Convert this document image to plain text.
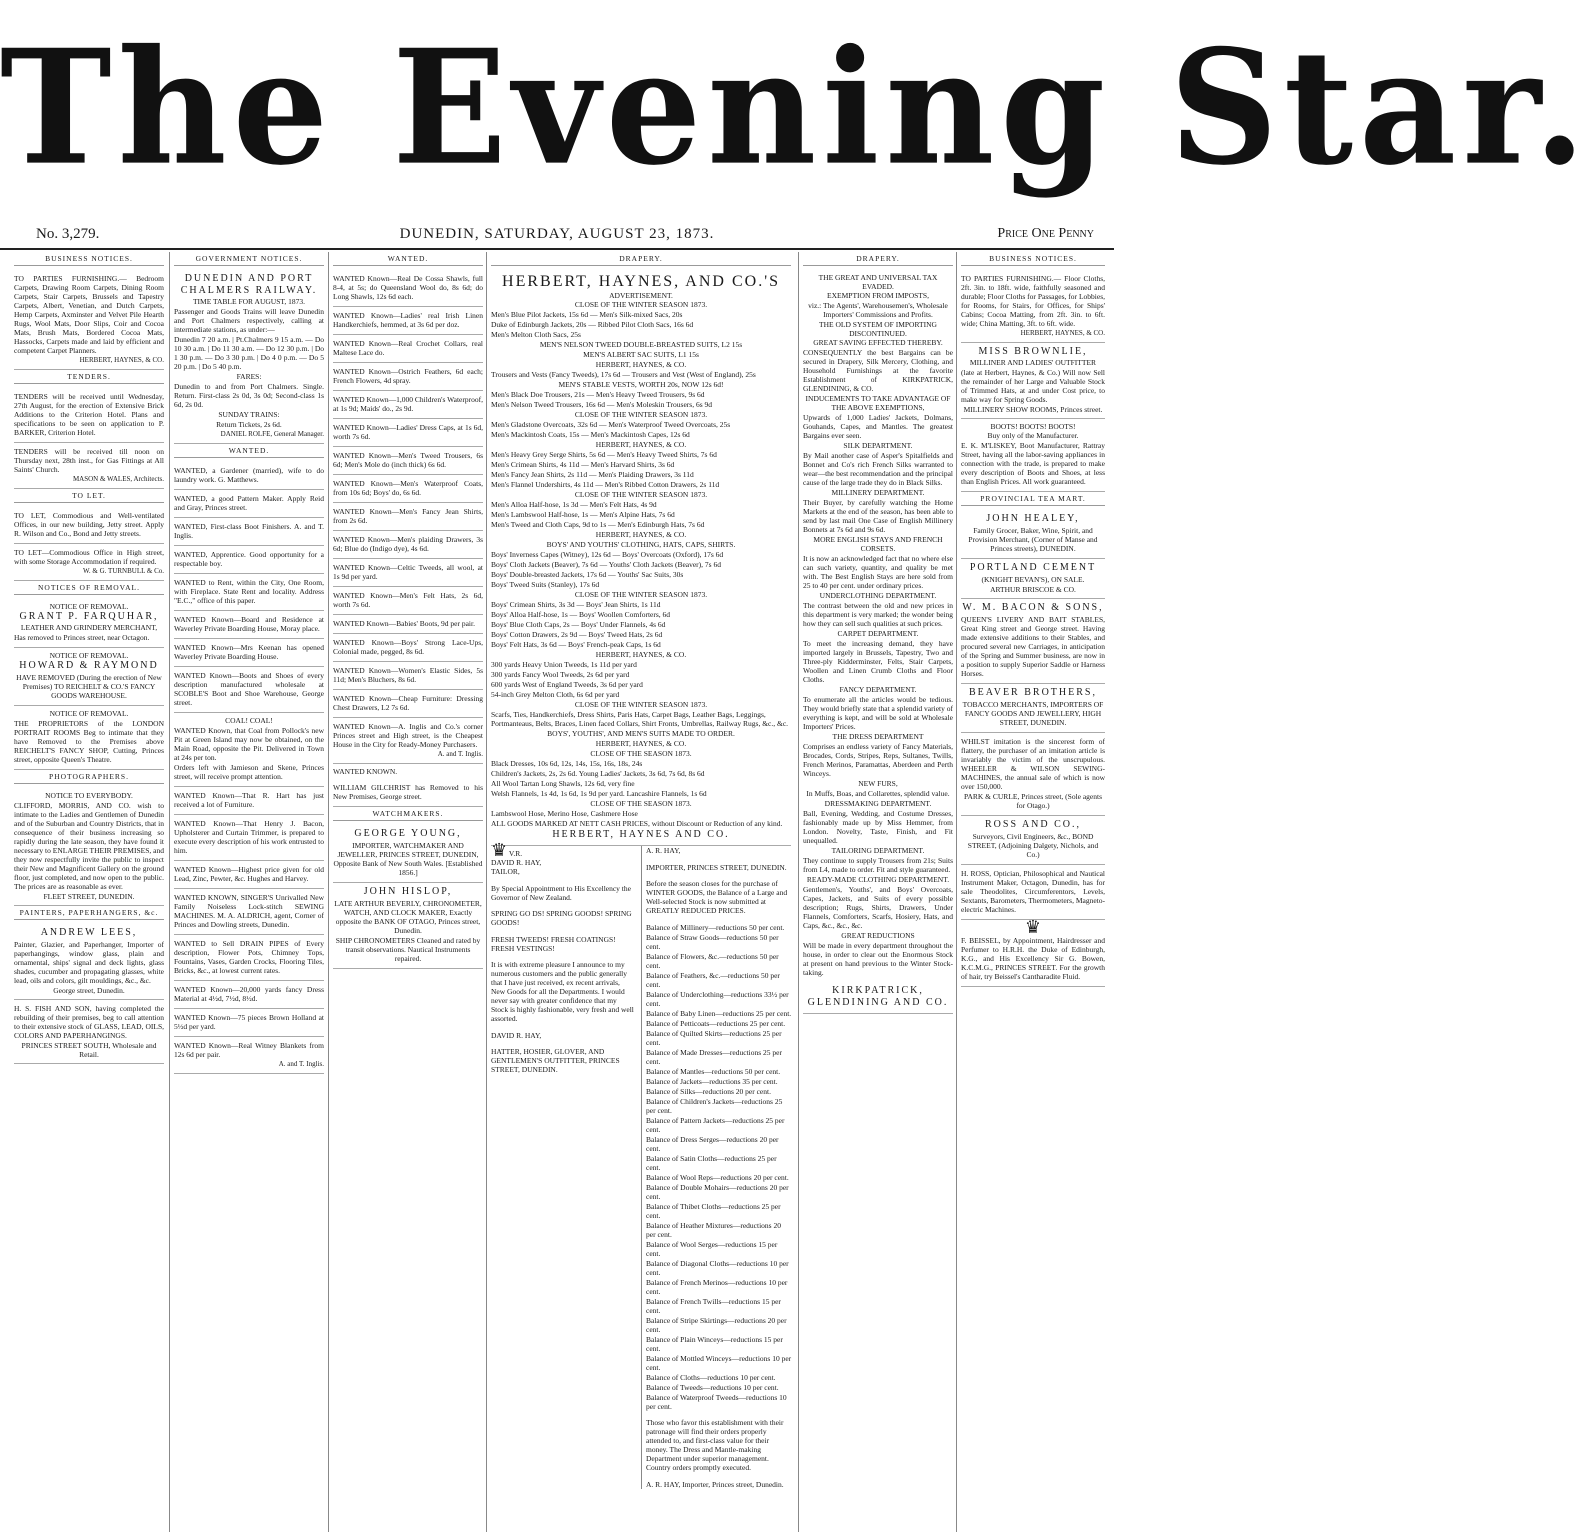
The Evening Star.
No. 3,279.	DUNEDIN, SATURDAY, AUGUST 23, 1873.	Price One Penny
BUSINESS NOTICES.

TO PARTIES FURNISHING.— Bedroom Carpets, Drawing Room Carpets, Dining Room Carpets, Stair Carpets, Brussels and Tapestry Carpets, Albert, Venetian, and Dutch Carpets, Hemp Carpets, Axminster and Velvet Pile Hearth Rugs, Wool Mats, Door Slips, Coir and Cocoa Mats, Brush Mats, Bordered Cocoa Mats, Hassocks, Carpets made and laid by efficient and competent Carpet Planners.

HERBERT, HAYNES, & CO.
TENDERS.

TENDERS will be received until Wednesday, 27th August, for the erection of Extensive Brick Additions to the Criterion Hotel. Plans and specifications to be seen on application to P. BARKER, Criterion Hotel.

TENDERS will be received till noon on Thursday next, 28th inst., for Gas Fittings at All Saints' Church.

MASON & WALES, Architects.
TO LET.

TO LET, Commodious and Well-ventilated Offices, in our new building, Jetty street. Apply R. Wilson and Co., Bond and Jetty streets.

TO LET—Commodious Office in High street, with some Storage Accommodation if required.

W. & G. TURNBULL & Co.
NOTICES OF REMOVAL.
NOTICE OF REMOVAL.
GRANT P. FARQUHAR,
LEATHER AND GRINDERY MERCHANT,

Has removed to Princes street, near Octagon.

NOTICE OF REMOVAL.
HOWARD & RAYMOND

HAVE REMOVED (During the erection of New Premises) TO REICHELT & CO.'S FANCY GOODS WAREHOUSE.

NOTICE OF REMOVAL.

THE PROPRIETORS of the LONDON PORTRAIT ROOMS Beg to intimate that they have Removed to the Premises above REICHELT'S FANCY SHOP, Cutting, Princes street, opposite Queen's Theatre.

PHOTOGRAPHERS.
NOTICE TO EVERYBODY.

CLIFFORD, MORRIS, AND CO. wish to intimate to the Ladies and Gentlemen of Dunedin and of the Suburban and Country Districts, that in consequence of their business increasing so rapidly during the late season, they have found it necessary to ENLARGE THEIR PREMISES, and they now respectfully invite the public to inspect their New and Magnificent Gallery on the ground floor, just completed, and now open to the public. The prices are as reasonable as ever.

FLEET STREET, DUNEDIN.
PAINTERS, PAPERHANGERS, &c.
ANDREW LEES,

Painter, Glazier, and Paperhanger, Importer of paperhangings, window glass, plain and ornamental, ships' signal and deck lights, glass shades, cucumber and propagating glasses, white lead, oils and colors, gilt mouldings, &c., &c.

George street, Dunedin.

H. S. FISH AND SON, having completed the rebuilding of their premises, beg to call attention to their extensive stock of GLASS, LEAD, OILS, COLORS AND PAPERHANGINGS.

PRINCES STREET SOUTH, Wholesale and Retail.
GOVERNMENT NOTICES.
DUNEDIN AND PORT CHALMERS RAILWAY.
TIME TABLE FOR AUGUST, 1873.

Passenger and Goods Trains will leave Dunedin and Port Chalmers respectively, calling at intermediate stations, as under:—

Dunedin 7 20 a.m. | Pt.Chalmers 9 15 a.m. — Do 10 30 a.m. | Do 11 30 a.m. — Do 12 30 p.m. | Do 1 30 p.m. — Do 3 30 p.m. | Do 4 0 p.m. — Do 5 20 p.m. | Do 5 40 p.m.

FARES:

Dunedin to and from Port Chalmers. Single. Return. First-class 2s 0d, 3s 0d; Second-class 1s 6d, 2s 0d.

SUNDAY TRAINS:

Return Tickets, 2s 6d.

DANIEL ROLFE, General Manager.
WANTED.

WANTED, a Gardener (married), wife to do laundry work. G. Matthews.

WANTED, a good Pattern Maker. Apply Reid and Gray, Princes street.

WANTED, First-class Boot Finishers. A. and T. Inglis.

WANTED, Apprentice. Good opportunity for a respectable boy.

WANTED to Rent, within the City, One Room, with Fireplace. State Rent and locality. Address "E.C.," office of this paper.

WANTED Known—Board and Residence at Waverley Private Boarding House, Moray place.

WANTED Known—Mrs Keenan has opened Waverley Private Boarding House.

WANTED Known—Boots and Shoes of every description manufactured wholesale at SCOBLE'S Boot and Shoe Warehouse, George street.

COAL! COAL!

WANTED Known, that Coal from Pollock's new Pit at Green Island may now be obtained, on the Main Road, opposite the Pit. Delivered in Town at 24s per ton.

Orders left with Jamieson and Skene, Princes street, will receive prompt attention.

WANTED Known—That R. Hart has just received a lot of Furniture.

WANTED Known—That Henry J. Bacon, Upholsterer and Curtain Trimmer, is prepared to execute every description of his work entrusted to him.

WANTED Known—Highest price given for old Lead, Zinc, Pewter, &c. Hughes and Harvey.

WANTED KNOWN, SINGER'S Unrivalled New Family Noiseless Lock-stitch SEWING MACHINES. M. A. ALDRICH, agent, Corner of Princes and Dowling streets, Dunedin.

WANTED to Sell DRAIN PIPES of Every description, Flower Pots, Chimney Tops, Fountains, Vases, Garden Crocks, Flooring Tiles, Bricks, &c., at lowest current rates.

WANTED Known—20,000 yards fancy Dress Material at 4½d, 7½d, 8½d.

WANTED Known—75 pieces Brown Holland at 5½d per yard.

WANTED Known—Real Witney Blankets from 12s 6d per pair.

A. and T. Inglis.
WANTED.

WANTED Known—Real De Cossa Shawls, full 8-4, at 5s; do Queensland Wool do, 8s 6d; do Long Shawls, 12s 6d each.

WANTED Known—Ladies' real Irish Linen Handkerchiefs, hemmed, at 3s 6d per doz.

WANTED Known—Real Crochet Collars, real Maltese Lace do.

WANTED Known—Ostrich Feathers, 6d each; French Flowers, 4d spray.

WANTED Known—1,000 Children's Waterproof, at 1s 9d; Maids' do., 2s 9d.

WANTED Known—Ladies' Dress Caps, at 1s 6d, worth 7s 6d.

WANTED Known—Men's Tweed Trousers, 6s 6d; Men's Mole do (inch thick) 6s 6d.

WANTED Known—Men's Waterproof Coats, from 10s 6d; Boys' do, 6s 6d.

WANTED Known—Men's Fancy Jean Shirts, from 2s 6d.

WANTED Known—Men's plaiding Drawers, 3s 6d; Blue do (Indigo dye), 4s 6d.

WANTED Known—Celtic Tweeds, all wool, at 1s 9d per yard.

WANTED Known—Men's Felt Hats, 2s 6d, worth 7s 6d.

WANTED Known—Babies' Boots, 9d per pair.

WANTED Known—Boys' Strong Lace-Ups, Colonial made, pegged, 8s 6d.

WANTED Known—Women's Elastic Sides, 5s 11d; Men's Bluchers, 8s 6d.

WANTED Known—Cheap Furniture: Dressing Chest Drawers, L2 7s 6d.

WANTED Known—A. Inglis and Co.'s corner Princes street and High street, is the Cheapest House in the City for Ready-Money Purchasers.

A. and T. Inglis.
WANTED KNOWN.

WILLIAM GILCHRIST has Removed to his New Premises, George street.

WATCHMAKERS.
GEORGE YOUNG,

IMPORTER, WATCHMAKER AND JEWELLER, PRINCES STREET, DUNEDIN, Opposite Bank of New South Wales. [Established 1856.]

JOHN HISLOP,

LATE ARTHUR BEVERLY, CHRONOMETER, WATCH, AND CLOCK MAKER, Exactly opposite the BANK OF OTAGO, Princes street, Dunedin.

SHIP CHRONOMETERS Cleaned and rated by transit observations. Nautical Instruments repaired.

DRAPERY.
HERBERT, HAYNES, AND CO.'S
ADVERTISEMENT.
CLOSE OF THE WINTER SEASON 1873.
Men's Blue Pilot Jackets, 15s 6d — Men's Silk-mixed Sacs, 20s
Duke of Edinburgh Jackets, 20s — Ribbed Pilot Cloth Sacs, 16s 6d
Men's Melton Cloth Sacs, 25s
MEN'S NELSON TWEED DOUBLE-BREASTED SUITS, L2 15s
MEN'S ALBERT SAC SUITS, L1 15s
HERBERT, HAYNES, & CO.
Trousers and Vests (Fancy Tweeds), 17s 6d — Trousers and Vest (West of England), 25s
MEN'S STABLE VESTS, WORTH 20s, NOW 12s 6d!
Men's Black Doe Trousers, 21s — Men's Heavy Tweed Trousers, 9s 6d
Men's Nelson Tweed Trousers, 16s 6d — Men's Moleskin Trousers, 6s 9d
CLOSE OF THE WINTER SEASON 1873.
Men's Gladstone Overcoats, 32s 6d — Men's Waterproof Tweed Overcoats, 25s
Men's Mackintosh Coats, 15s — Men's Mackintosh Capes, 12s 6d
HERBERT, HAYNES, & CO.
Men's Heavy Grey Serge Shirts, 5s 6d — Men's Heavy Tweed Shirts, 7s 6d
Men's Crimean Shirts, 4s 11d — Men's Harvard Shirts, 3s 6d
Men's Fancy Jean Shirts, 2s 11d — Men's Plaiding Drawers, 3s 11d
Men's Flannel Undershirts, 4s 11d — Men's Ribbed Cotton Drawers, 2s 11d
CLOSE OF THE WINTER SEASON 1873.
Men's Alloa Half-hose, 1s 3d — Men's Felt Hats, 4s 9d
Men's Lambswool Half-hose, 1s — Men's Alpine Hats, 7s 6d
Men's Tweed and Cloth Caps, 9d to 1s — Men's Edinburgh Hats, 7s 6d
HERBERT, HAYNES, & CO.
BOYS' AND YOUTHS' CLOTHING, HATS, CAPS, SHIRTS.
Boys' Inverness Capes (Witney), 12s 6d — Boys' Overcoats (Oxford), 17s 6d
Boys' Cloth Jackets (Beaver), 7s 6d — Youths' Cloth Jackets (Beaver), 7s 6d
Boys' Double-breasted Jackets, 17s 6d — Youths' Sac Suits, 30s
Boys' Tweed Suits (Stanley), 17s 6d
CLOSE OF THE WINTER SEASON 1873.
Boys' Crimean Shirts, 3s 3d — Boys' Jean Shirts, 1s 11d
Boys' Alloa Half-hose, 1s — Boys' Woollen Comforters, 6d
Boys' Blue Cloth Caps, 2s — Boys' Under Flannels, 4s 6d
Boys' Cotton Drawers, 2s 9d — Boys' Tweed Hats, 2s 6d
Boys' Felt Hats, 3s 6d — Boys' French-peak Caps, 1s 6d
HERBERT, HAYNES, & CO.
300 yards Heavy Union Tweeds, 1s 11d per yard
300 yards Fancy Wool Tweeds, 2s 6d per yard
600 yards West of England Tweeds, 3s 6d per yard
54-inch Grey Melton Cloth, 6s 6d per yard
CLOSE OF THE WINTER SEASON 1873.
Scarfs, Ties, Handkerchiefs, Dress Shirts, Paris Hats, Carpet Bags, Leather Bags, Leggings, Portmanteaus, Belts, Braces, Linen faced Collars, Shirt Fronts, Umbrellas, Railway Rugs, &c., &c.
BOYS', YOUTHS', AND MEN'S SUITS MADE TO ORDER.
HERBERT, HAYNES, & CO.
CLOSE OF THE SEASON 1873.
Black Dresses, 10s 6d, 12s, 14s, 15s, 16s, 18s, 24s
Children's Jackets, 2s, 2s 6d. Young Ladies' Jackets, 3s 6d, 7s 6d, 8s 6d
All Wool Tartan Long Shawls, 12s 6d, very fine
Welsh Flannels, 1s 4d, 1s 6d, 1s 9d per yard. Lancashire Flannels, 1s 6d
CLOSE OF THE SEASON 1873.
Lambswool Hose, Merino Hose, Cashmere Hose
ALL GOODS MARKED AT NETT CASH PRICES, without Discount or Reduction of any kind.
HERBERT, HAYNES AND CO.
♛ V.R.
DAVID R. HAY,
TAILOR,

By Special Appointment to His Excellency the Governor of New Zealand.

SPRING GO DS! SPRING GOODS! SPRING GOODS!

FRESH TWEEDS! FRESH COATINGS! FRESH VESTINGS!

It is with extreme pleasure I announce to my numerous customers and the public generally that I have just received, ex recent arrivals, New Goods for all the Departments. I would never say with greater confidence that my Stock is highly fashionable, very fresh and well assorted.

DAVID R. HAY,

HATTER, HOSIER, GLOVER, AND GENTLEMEN'S OUTFITTER, PRINCES STREET, DUNEDIN.

A. R. HAY,

IMPORTER, PRINCES STREET, DUNEDIN.

Before the season closes for the purchase of WINTER GOODS, the Balance of a Large and Well-selected Stock is now submitted at GREATLY REDUCED PRICES.

Balance of Millinery—reductions 50 per cent.
Balance of Straw Goods—reductions 50 per cent.
Balance of Flowers, &c.—reductions 50 per cent.
Balance of Feathers, &c.—reductions 50 per cent.
Balance of Underclothing—reductions 33½ per cent.
Balance of Baby Linen—reductions 25 per cent.
Balance of Petticoats—reductions 25 per cent.
Balance of Quilted Skirts—reductions 25 per cent.
Balance of Made Dresses—reductions 25 per cent.
Balance of Mantles—reductions 50 per cent.
Balance of Jackets—reductions 35 per cent.
Balance of Silks—reductions 20 per cent.
Balance of Children's Jackets—reductions 25 per cent.
Balance of Pattern Jackets—reductions 25 per cent.
Balance of Dress Serges—reductions 20 per cent.
Balance of Satin Cloths—reductions 25 per cent.
Balance of Wool Reps—reductions 20 per cent.
Balance of Double Mohairs—reductions 20 per cent.
Balance of Thibet Cloths—reductions 25 per cent.
Balance of Heather Mixtures—reductions 20 per cent.
Balance of Wool Serges—reductions 15 per cent.
Balance of Diagonal Cloths—reductions 10 per cent.
Balance of French Merinos—reductions 10 per cent.
Balance of French Twills—reductions 15 per cent.
Balance of Stripe Skirtings—reductions 20 per cent.
Balance of Plain Winceys—reductions 15 per cent.
Balance of Mottled Winceys—reductions 10 per cent.
Balance of Cloths—reductions 10 per cent.
Balance of Tweeds—reductions 10 per cent.
Balance of Waterproof Tweeds—reductions 10 per cent.

Those who favor this establishment with their patronage will find their orders properly attended to, and first-class value for their money. The Dress and Mantle-making Department under superior management. Country orders promptly executed.

A. R. HAY, Importer, Princes street, Dunedin.
DRAPERY.
THE GREAT AND UNIVERSAL TAX EVADED.
EXEMPTION FROM IMPOSTS,

viz.: The Agents', Warehousemen's, Wholesale Importers' Commissions and Profits.

THE OLD SYSTEM OF IMPORTING DISCONTINUED.
GREAT SAVING EFFECTED THEREBY.

CONSEQUENTLY the best Bargains can be secured in Drapery, Silk Mercery, Clothing, and Household Furnishings at the favorite Establishment of KIRKPATRICK, GLENDINING, & CO.

INDUCEMENTS TO TAKE ADVANTAGE OF THE ABOVE EXEMPTIONS,

Upwards of 1,000 Ladies' Jackets, Dolmans, Gouhands, Capes, and Mantles. The greatest Bargains ever seen.

SILK DEPARTMENT.

By Mail another case of Asper's Spitalfields and Bonnet and Co's rich French Silks warranted to wear—the best recommendation and the principal cause of the large trade they do in Black Silks.

MILLINERY DEPARTMENT.

Their Buyer, by carefully watching the Home Markets at the end of the season, has been able to send by last mail One Case of English Millinery Bonnets at 7s 6d and 9s 6d.

MORE ENGLISH STAYS AND FRENCH CORSETS.

It is now an acknowledged fact that no where else can such variety, quantity, and quality be met with. The Best English Stays are here sold from 25 to 40 per cent. under ordinary prices.

UNDERCLOTHING DEPARTMENT.

The contrast between the old and new prices in this department is very marked; the wonder being how they can sell such qualities at such prices.

CARPET DEPARTMENT.

To meet the increasing demand, they have imported largely in Brussels, Tapestry, Two and Three-ply Kidderminster, Felts, Stair Carpets, Woollen and Linen Crumb Cloths and Floor Cloths.

FANCY DEPARTMENT.

To enumerate all the articles would be tedious. They would briefly state that a splendid variety of everything is kept, and will be sold at Wholesale Importers' Prices.

THE DRESS DEPARTMENT

Comprises an endless variety of Fancy Materials, Brocades, Cords, Stripes, Reps, Sultanes, Twills, French Merinos, Paramattas, Aberdeen and Perth Winceys.

NEW FURS,

In Muffs, Boas, and Collarettes, splendid value.

DRESSMAKING DEPARTMENT.

Ball, Evening, Wedding, and Costume Dresses, fashionably made up by Miss Hemmer, from London. Novelty, Taste, Finish, and Fit unequalled.

TAILORING DEPARTMENT.

They continue to supply Trousers from 21s; Suits from L4, made to order. Fit and style guaranteed.

READY-MADE CLOTHING DEPARTMENT.

Gentlemen's, Youths', and Boys' Overcoats, Capes, Jackets, and Suits of every possible description; Rugs, Shirts, Drawers, Under Flannels, Comforters, Scarfs, Hosiery, Hats, and Caps, &c., &c., &c.

GREAT REDUCTIONS

Will be made in every department throughout the house, in order to clear out the Enormous Stock at present on hand previous to the Winter Stock-taking.

KIRKPATRICK, GLENDINING AND CO.
BUSINESS NOTICES.

TO PARTIES FURNISHING.— Floor Cloths, 2ft. 3in. to 18ft. wide, faithfully seasoned and durable; Floor Cloths for Passages, for Lobbies, for Rooms, for Stairs, for Offices, for Ships' Cabins; Cocoa Matting, from 2ft. 3in. to 6ft. wide; China Matting, 3ft. to 6ft. wide.

HERBERT, HAYNES, & CO.
MISS BROWNLIE,
MILLINER AND LADIES' OUTFITTER

(late at Herbert, Haynes, & Co.) Will now Sell the remainder of her Large and Valuable Stock of Trimmed Hats, at and under Cost price, to make way for Spring Goods.

MILLINERY SHOW ROOMS, Princes street.
BOOTS! BOOTS! BOOTS!
Buy only of the Manufacturer.

E. K. M'LISKEY, Boot Manufacturer, Rattray Street, having all the labor-saving appliances in connection with the trade, is prepared to make every description of Boots and Shoes, at less than English Prices. All work guaranteed.

PROVINCIAL TEA MART.
JOHN HEALEY,

Family Grocer, Baker, Wine, Spirit, and Provision Merchant, (Corner of Manse and Princes streets), DUNEDIN.

PORTLAND CEMENT

(KNIGHT BEVAN'S), ON SALE.

ARTHUR BRISCOE & CO.
W. M. BACON & SONS,

QUEEN'S LIVERY AND BAIT STABLES, Great King street and George street. Having made extensive additions to their Stables, and procured several new Carriages, in anticipation of the Spring and Summer business, are now in a position to supply Superior Saddle or Harness Horses.

BEAVER BROTHERS,

TOBACCO MERCHANTS, IMPORTERS OF FANCY GOODS AND JEWELLERY, HIGH STREET, DUNEDIN.

WHILST imitation is the sincerest form of flattery, the purchaser of an imitation article is invariably the victim of the unscrupulous. WHEELER & WILSON SEWING-MACHINES, the annual sale of which is now over 150,000.

PARK & CURLE, Princes street, (Sole agents for Otago.)

ROSS AND CO.,

Surveyors, Civil Engineers, &c., BOND STREET, (Adjoining Dalgety, Nichols, and Co.)

H. ROSS, Optician, Philosophical and Nautical Instrument Maker, Octagon, Dunedin, has for sale Theodolites, Circumferentors, Levels, Sextants, Barometers, Thermometers, Magneto-electric Machines.

♛

F. BEISSEL, by Appointment, Hairdresser and Perfumer to H.R.H. the Duke of Edinburgh, K.G., and His Excellency Sir G. Bowen, K.C.M.G., PRINCES STREET. For the growth of hair, try Beissel's Cantharadite Fluid.
